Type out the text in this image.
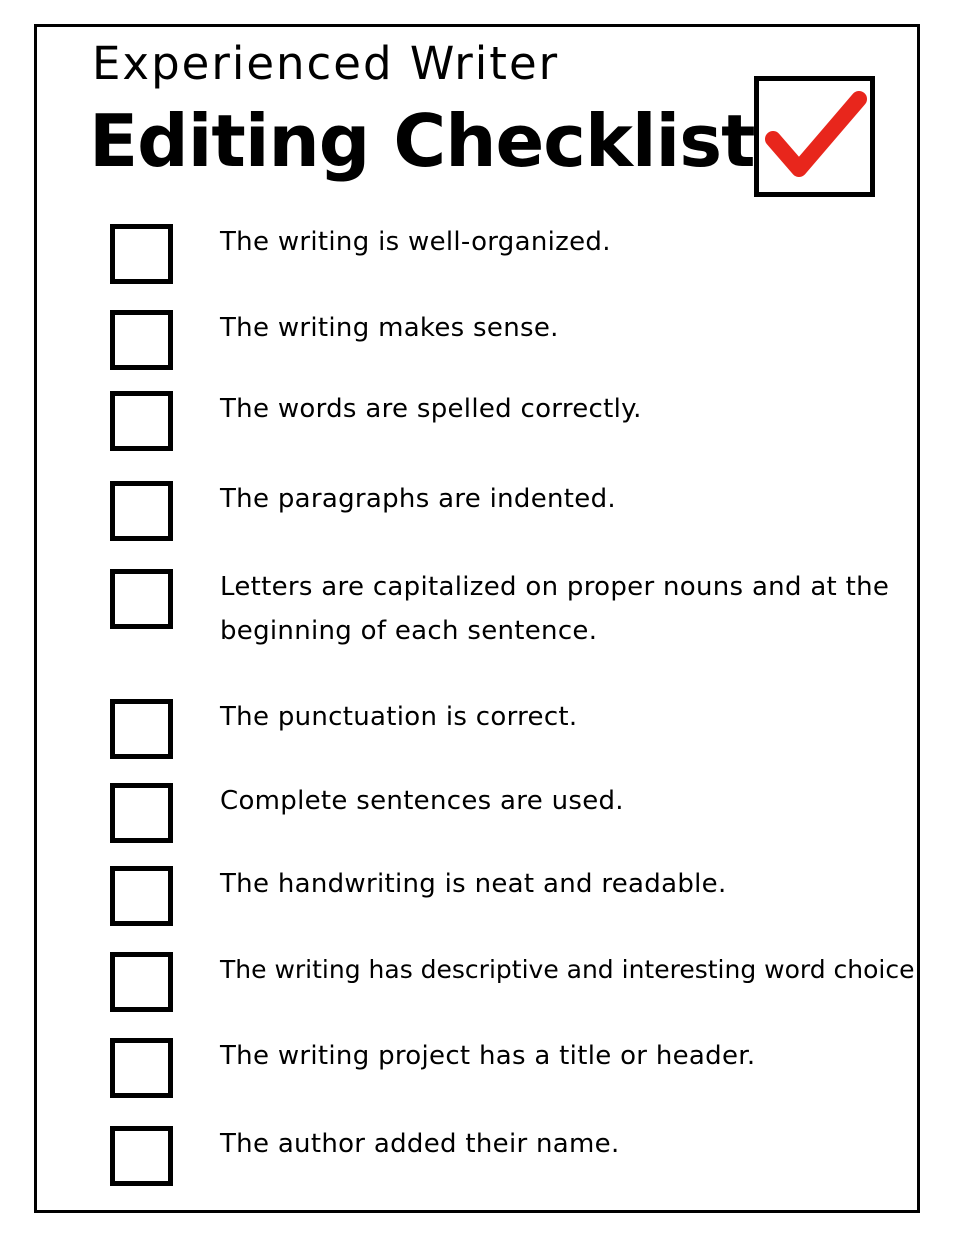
Experienced Writer
Editing Checklist
The writing is well-organized.
The writing makes sense.
The words are spelled correctly.
The paragraphs are indented.
Letters are capitalized on proper nouns and at the beginning of each sentence.
The punctuation is correct.
Complete sentences are used.
The handwriting is neat and readable.
The writing has descriptive and interesting word choice.
The writing project has a title or header.
The author added their name.
